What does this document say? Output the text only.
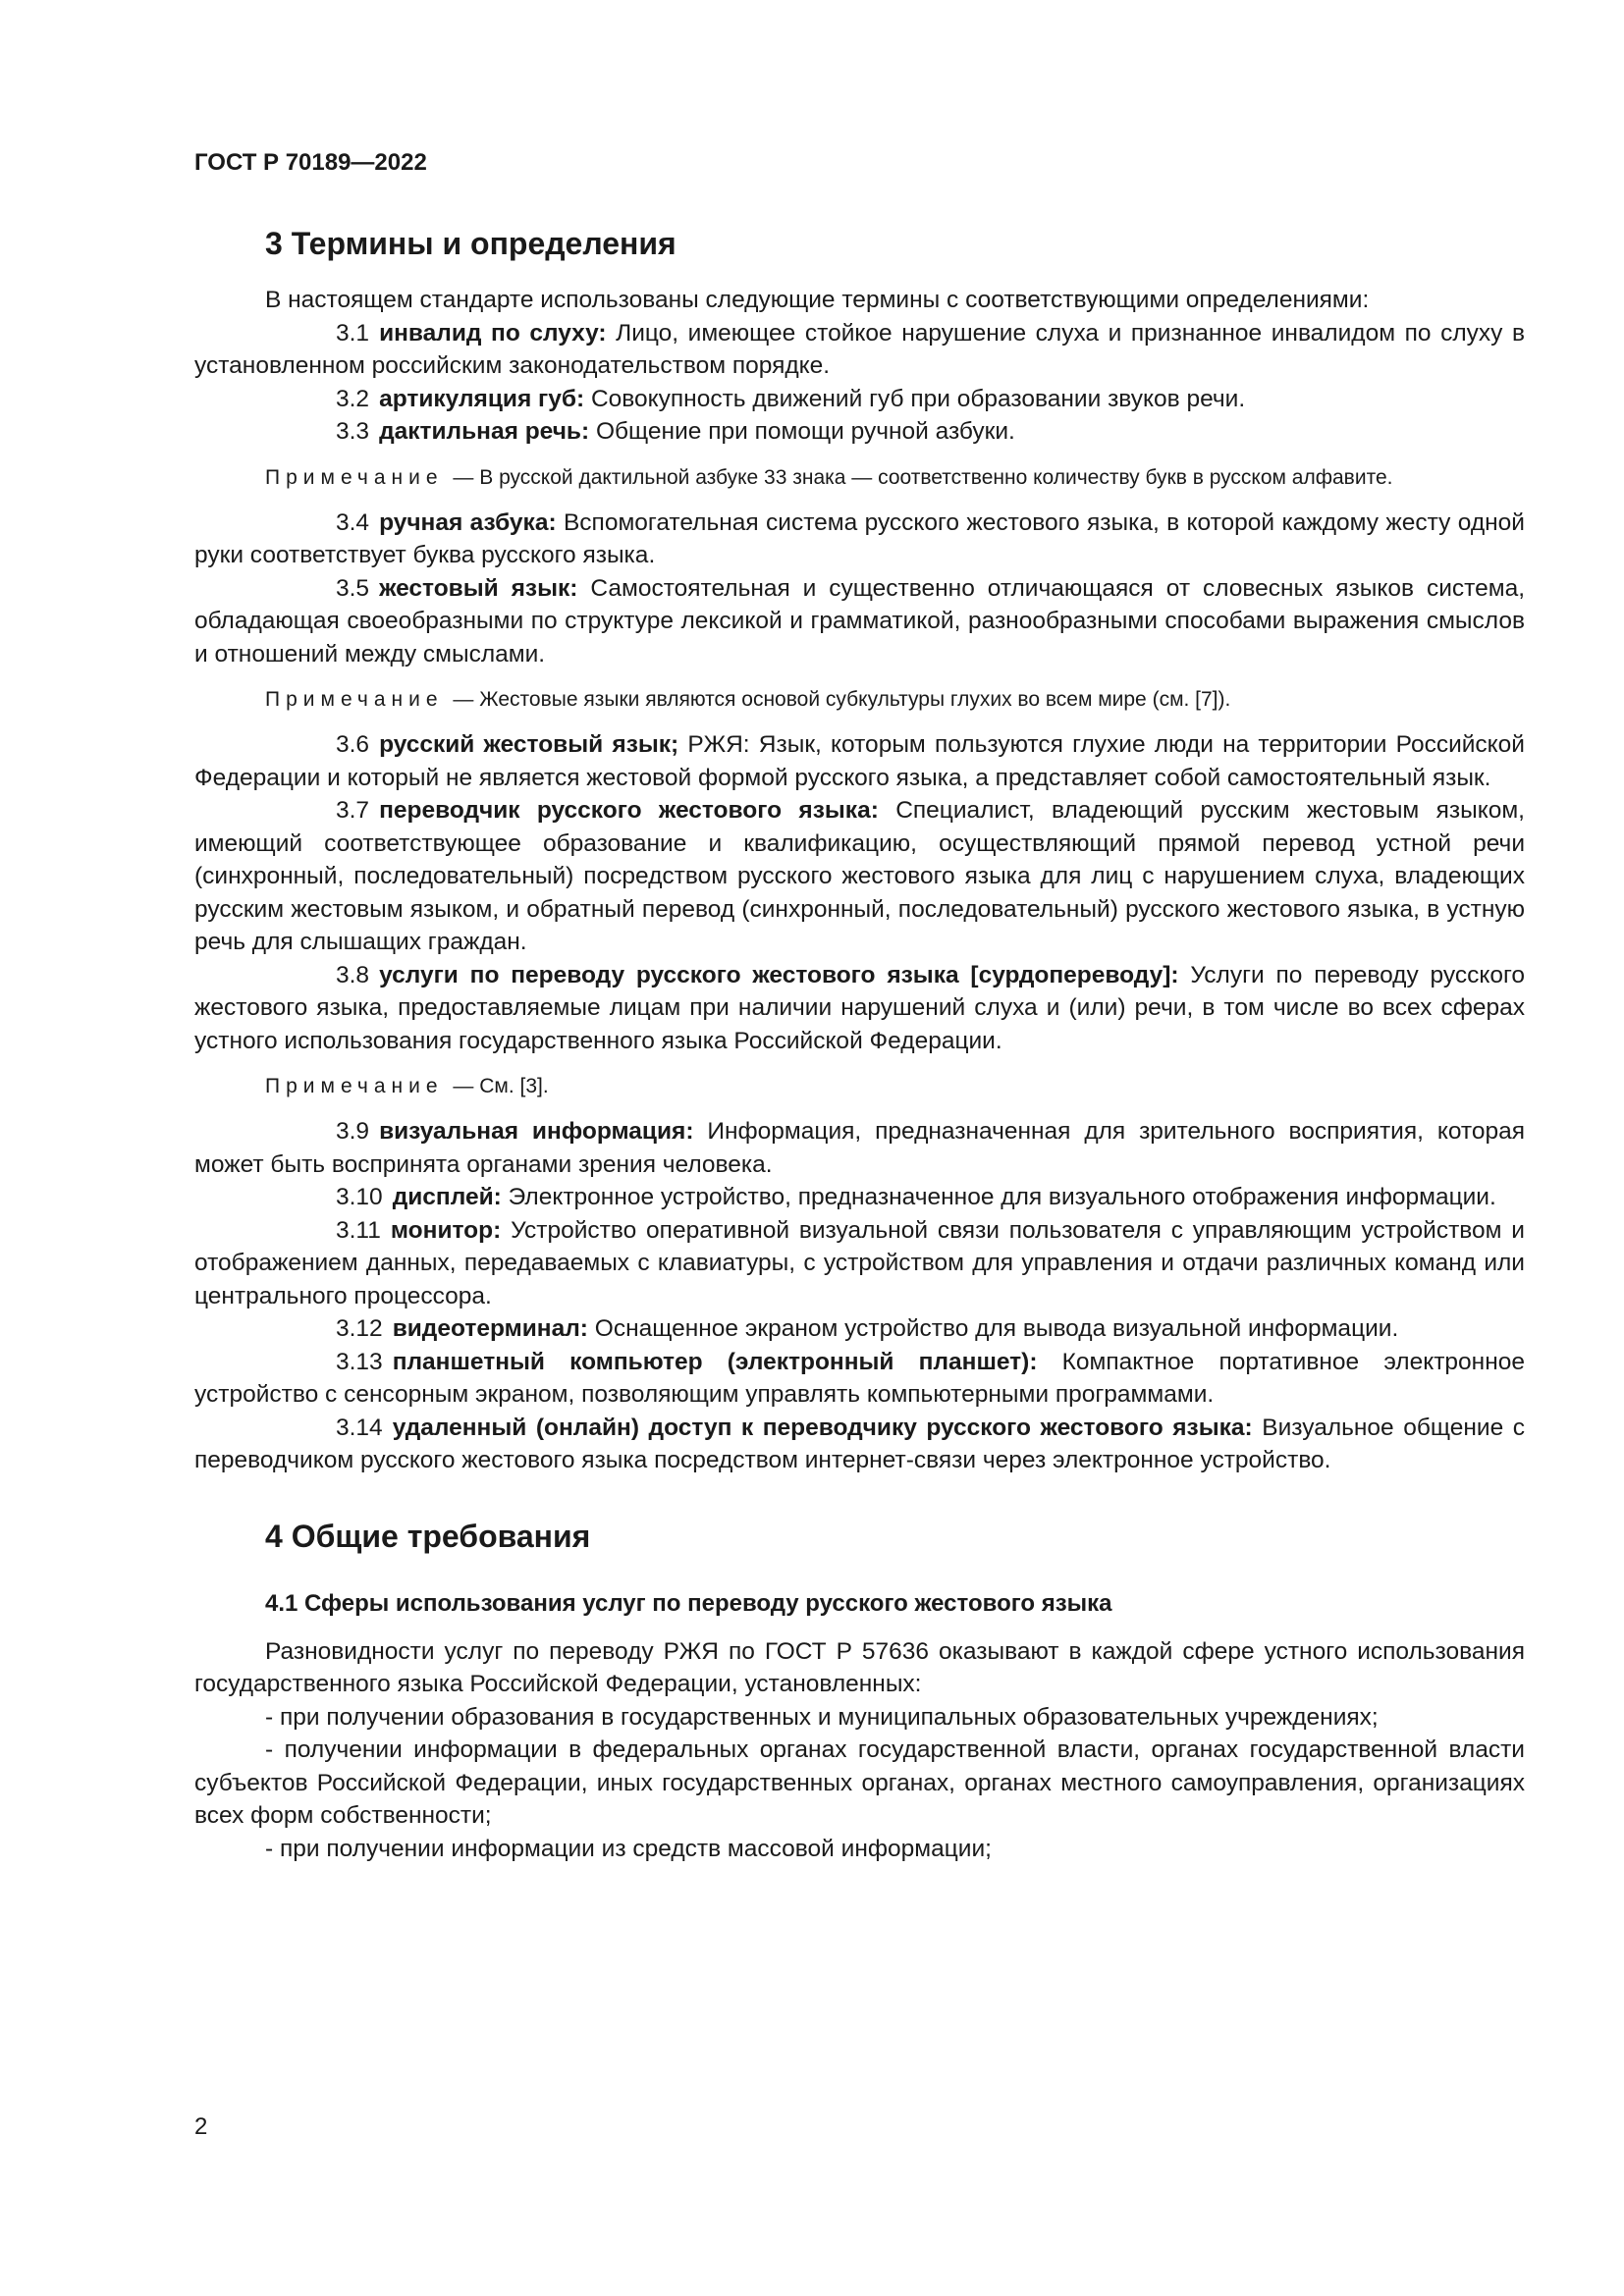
ГОСТ Р 70189—2022
3 Термины и определения

В настоящем стандарте использованы следующие термины с соответствующими определениями:

3.1 инвалид по слуху: Лицо, имеющее стойкое нарушение слуха и признанное инвалидом по слуху в установленном российским законодательством порядке.

3.2 артикуляция губ: Совокупность движений губ при образовании звуков речи.

3.3 дактильная речь: Общение при помощи ручной азбуки.

Примечание — В русской дактильной азбуке 33 знака — соответственно количеству букв в русском алфавите.

3.4 ручная азбука: Вспомогательная система русского жестового языка, в которой каждому жесту одной руки соответствует буква русского языка.

3.5 жестовый язык: Самостоятельная и существенно отличающаяся от словесных языков система, обладающая своеобразными по структуре лексикой и грамматикой, разнообразными способами выражения смыслов и отношений между смыслами.

Примечание — Жестовые языки являются основой субкультуры глухих во всем мире (см. [7]).

3.6 русский жестовый язык; РЖЯ: Язык, которым пользуются глухие люди на территории Российской Федерации и который не является жестовой формой русского языка, а представляет собой самостоятельный язык.

3.7 переводчик русского жестового языка: Специалист, владеющий русским жестовым языком, имеющий соответствующее образование и квалификацию, осуществляющий прямой перевод устной речи (синхронный, последовательный) посредством русского жестового языка для лиц с нарушением слуха, владеющих русским жестовым языком, и обратный перевод (синхронный, последовательный) русского жестового языка, в устную речь для слышащих граждан.

3.8 услуги по переводу русского жестового языка [сурдопереводу]: Услуги по переводу русского жестового языка, предоставляемые лицам при наличии нарушений слуха и (или) речи, в том числе во всех сферах устного использования государственного языка Российской Федерации.

Примечание — См. [3].

3.9 визуальная информация: Информация, предназначенная для зрительного восприятия, которая может быть воспринята органами зрения человека.

3.10 дисплей: Электронное устройство, предназначенное для визуального отображения информации.

3.11 монитор: Устройство оперативной визуальной связи пользователя с управляющим устройством и отображением данных, передаваемых с клавиатуры, с устройством для управления и отдачи различных команд или центрального процессора.

3.12 видеотерминал: Оснащенное экраном устройство для вывода визуальной информации.

3.13 планшетный компьютер (электронный планшет): Компактное портативное электронное устройство с сенсорным экраном, позволяющим управлять компьютерными программами.

3.14 удаленный (онлайн) доступ к переводчику русского жестового языка: Визуальное общение с переводчиком русского жестового языка посредством интернет-связи через электронное устройство.

4 Общие требования
4.1 Сферы использования услуг по переводу русского жестового языка

Разновидности услуг по переводу РЖЯ по ГОСТ Р 57636 оказывают в каждой сфере устного использования государственного языка Российской Федерации, установленных:

- при получении образования в государственных и муниципальных образовательных учреждениях;

- получении информации в федеральных органах государственной власти, органах государственной власти субъектов Российской Федерации, иных государственных органах, органах местного самоуправления, организациях всех форм собственности;

- при получении информации из средств массовой информации;

2
